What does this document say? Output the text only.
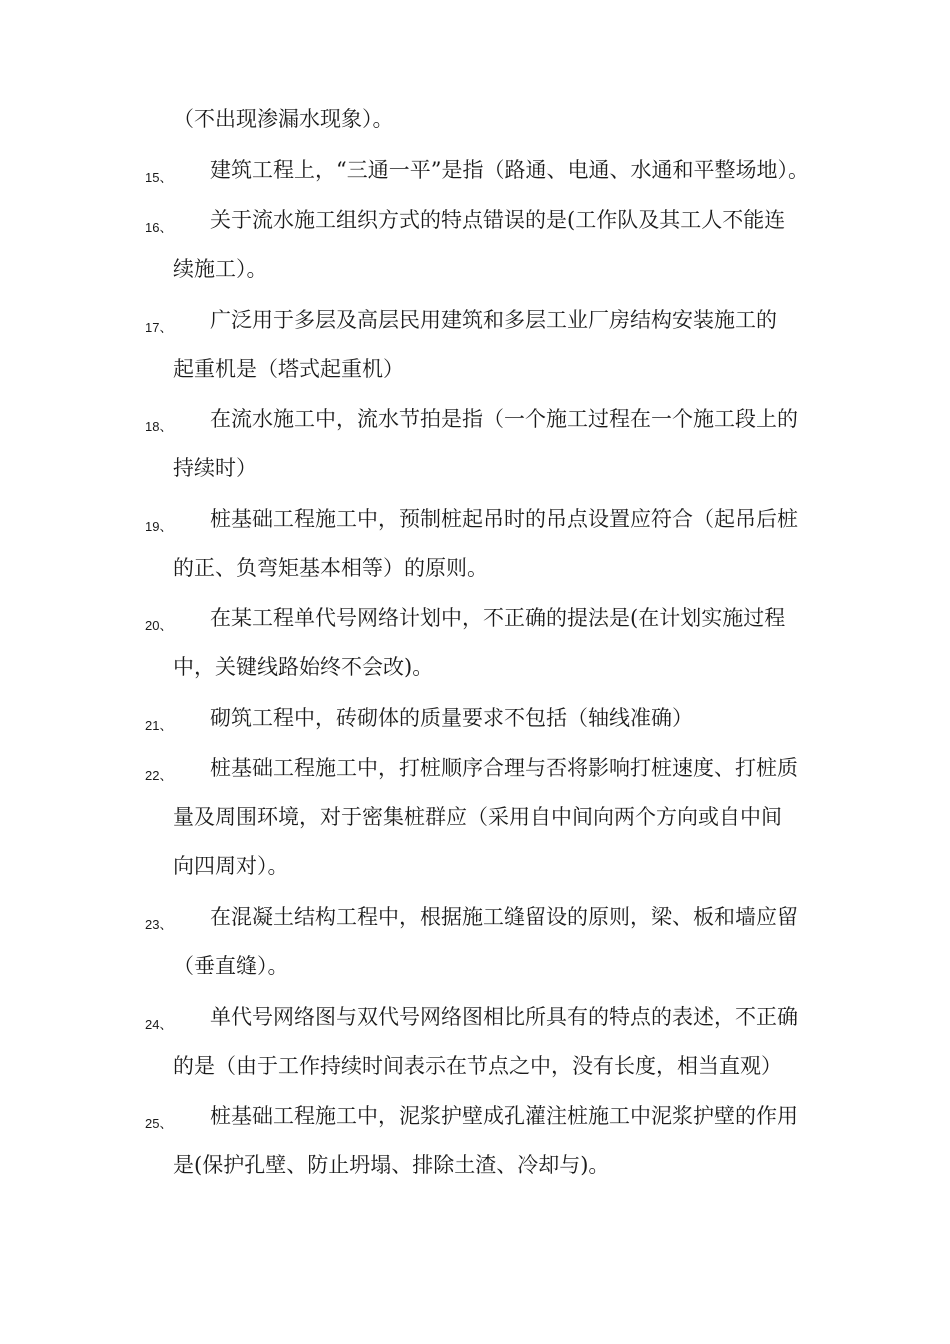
（不出现渗漏水现象）。
15、 建筑工程上，“三通一平”是指（路通、电通、水通和平整场地）。
16、 关于流水施工组织方式的特点错误的是(工作队及其工人不能连
续施工）。
17、 广泛用于多层及高层民用建筑和多层工业厂房结构安装施工的
起重机是（塔式起重机）
18、 在流水施工中，流水节拍是指（一个施工过程在一个施工段上的
持续时）
19、 桩基础工程施工中，预制桩起吊时的吊点设置应符合（起吊后桩
的正、负弯矩基本相等）的原则。
20、 在某工程单代号网络计划中，不正确的提法是(在计划实施过程
中，关键线路始终不会改)。
21、 砌筑工程中，砖砌体的质量要求不包括（轴线准确）
22、 桩基础工程施工中，打桩顺序合理与否将影响打桩速度、打桩质
量及周围环境，对于密集桩群应（采用自中间向两个方向或自中间
向四周对）。
23、 在混凝土结构工程中，根据施工缝留设的原则，梁、板和墙应留
（垂直缝）。
24、 单代号网络图与双代号网络图相比所具有的特点的表述，不正确
的是（由于工作持续时间表示在节点之中，没有长度，相当直观）
25、 桩基础工程施工中，泥浆护壁成孔灌注桩施工中泥浆护壁的作用
是(保护孔壁、防止坍塌、排除土渣、冷却与)。
